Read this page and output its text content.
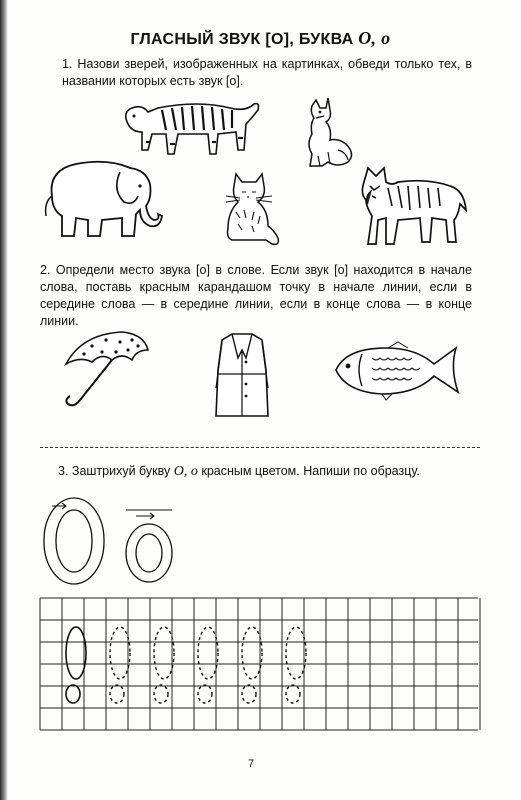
ГЛАСНЫЙ ЗВУК [О], БУКВА О, о
1. Назови зверей, изображенных на картинках, обведи только тех, в названии которых есть звук [о].
2. Определи место звука [о] в слове. Если звук [о] находится в начале слова, поставь красным карандашом точку в начале линии, если в середине слова — в середине линии, если в конце слова — в конце линии.
3. Заштрихуй букву О, о красным цветом. Напиши по образцу.
7
